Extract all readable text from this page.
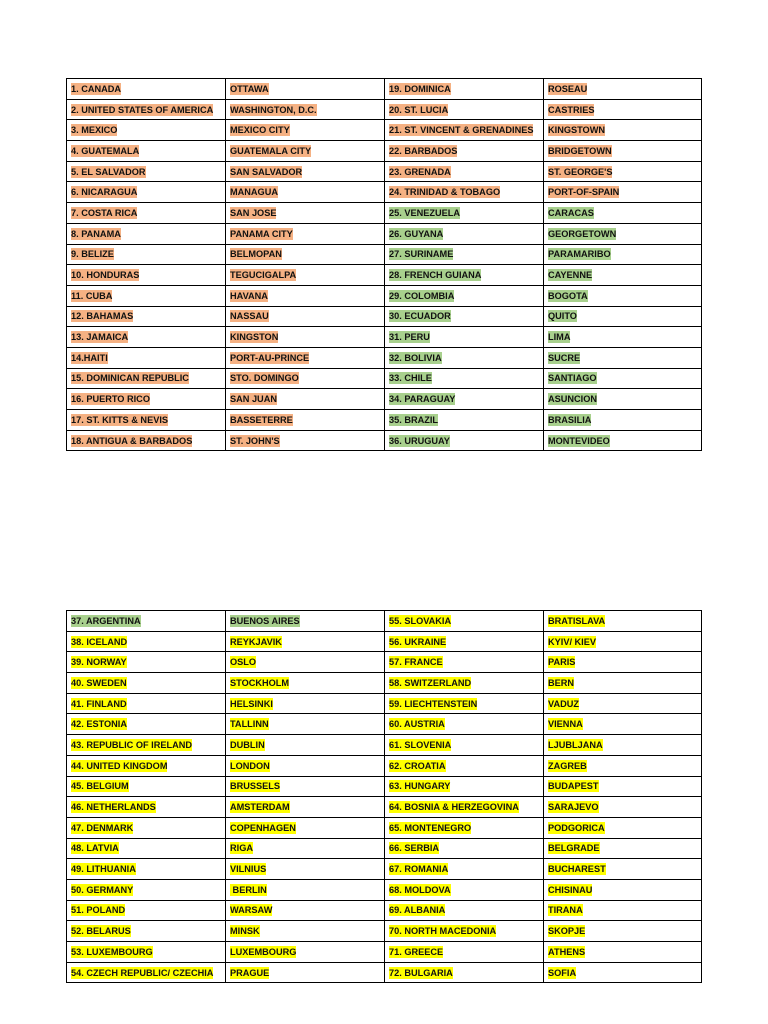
1. CANADA	OTTAWA	19. DOMINICA	ROSEAU
2. UNITED STATES OF AMERICA	WASHINGTON, D.C.	20. ST. LUCIA	CASTRIES
3. MEXICO	MEXICO CITY	21. ST. VINCENT & GRENADINES	KINGSTOWN
4. GUATEMALA	GUATEMALA CITY	22. BARBADOS	BRIDGETOWN
5. EL SALVADOR	SAN SALVADOR	23. GRENADA	ST. GEORGE'S
6. NICARAGUA	MANAGUA	24. TRINIDAD & TOBAGO	PORT-OF-SPAIN
7. COSTA RICA	SAN JOSE	25. VENEZUELA	CARACAS
8. PANAMA	PANAMA CITY	26. GUYANA	GEORGETOWN
9. BELIZE	BELMOPAN	27. SURINAME	PARAMARIBO
10. HONDURAS	TEGUCIGALPA	28. FRENCH GUIANA	CAYENNE
11. CUBA	HAVANA	29. COLOMBIA	BOGOTA
12. BAHAMAS	NASSAU	30. ECUADOR	QUITO
13. JAMAICA	KINGSTON	31. PERU	LIMA
14.HAITI	PORT-AU-PRINCE	32. BOLIVIA	SUCRE
15. DOMINICAN REPUBLIC	STO. DOMINGO	33. CHILE	SANTIAGO
16. PUERTO RICO	SAN JUAN	34. PARAGUAY	ASUNCION
17. ST. KITTS & NEVIS	BASSETERRE	35. BRAZIL	BRASILIA
18. ANTIGUA & BARBADOS	ST. JOHN'S	36. URUGUAY	MONTEVIDEO
37. ARGENTINA	BUENOS AIRES	55. SLOVAKIA	BRATISLAVA
38. ICELAND	REYKJAVIK	56. UKRAINE	KYIV/ KIEV
39. NORWAY	OSLO	57. FRANCE	PARIS
40. SWEDEN	STOCKHOLM	58. SWITZERLAND	BERN
41. FINLAND	HELSINKI	59. LIECHTENSTEIN	VADUZ
42. ESTONIA	TALLINN	60. AUSTRIA	VIENNA
43. REPUBLIC OF IRELAND	DUBLIN	61. SLOVENIA	LJUBLJANA
44. UNITED KINGDOM	LONDON	62. CROATIA	ZAGREB
45. BELGIUM	BRUSSELS	63. HUNGARY	BUDAPEST
46. NETHERLANDS	AMSTERDAM	64. BOSNIA & HERZEGOVINA	SARAJEVO
47. DENMARK	COPENHAGEN	65. MONTENEGRO	PODGORICA
48. LATVIA	RIGA	66. SERBIA	BELGRADE
49. LITHUANIA	VILNIUS	67. ROMANIA	BUCHAREST
50. GERMANY	BERLIN	68. MOLDOVA	CHISINAU
51. POLAND	WARSAW	69. ALBANIA	TIRANA
52. BELARUS	MINSK	70. NORTH MACEDONIA	SKOPJE
53. LUXEMBOURG	LUXEMBOURG	71. GREECE	ATHENS
54. CZECH REPUBLIC/ CZECHIA	PRAGUE	72. BULGARIA	SOFIA
